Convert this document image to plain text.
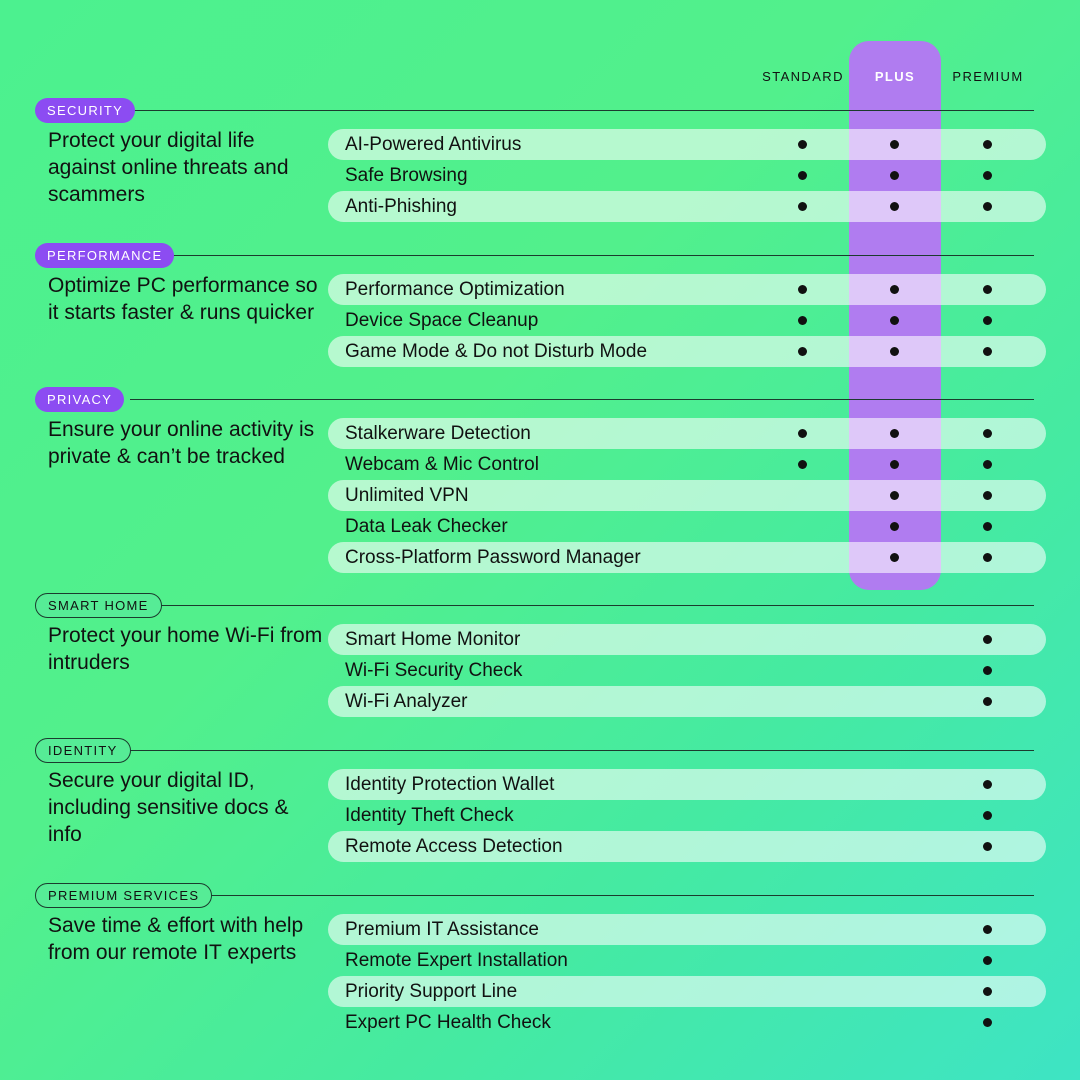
STANDARD	PLUS	PREMIUM
SECURITY
Protect your digital life against online threats and scammers
AI-Powered Antivirus
Safe Browsing
Anti-Phishing
PERFORMANCE
Optimize PC performance so it starts faster & runs quicker
Performance Optimization
Device Space Cleanup
Game Mode & Do not Disturb Mode
PRIVACY
Ensure your online activity is private & can’t be tracked
Stalkerware Detection
Webcam & Mic Control
Unlimited VPN
Data Leak Checker
Cross-Platform Password Manager
SMART HOME
Protect your home Wi-Fi from intruders
Smart Home Monitor
Wi-Fi Security Check
Wi-Fi Analyzer
IDENTITY
Secure your digital ID, including sensitive docs & info
Identity Protection Wallet
Identity Theft Check
Remote Access Detection
PREMIUM SERVICES
Save time & effort with help from our remote IT experts
Premium IT Assistance
Remote Expert Installation
Priority Support Line
Expert PC Health Check
